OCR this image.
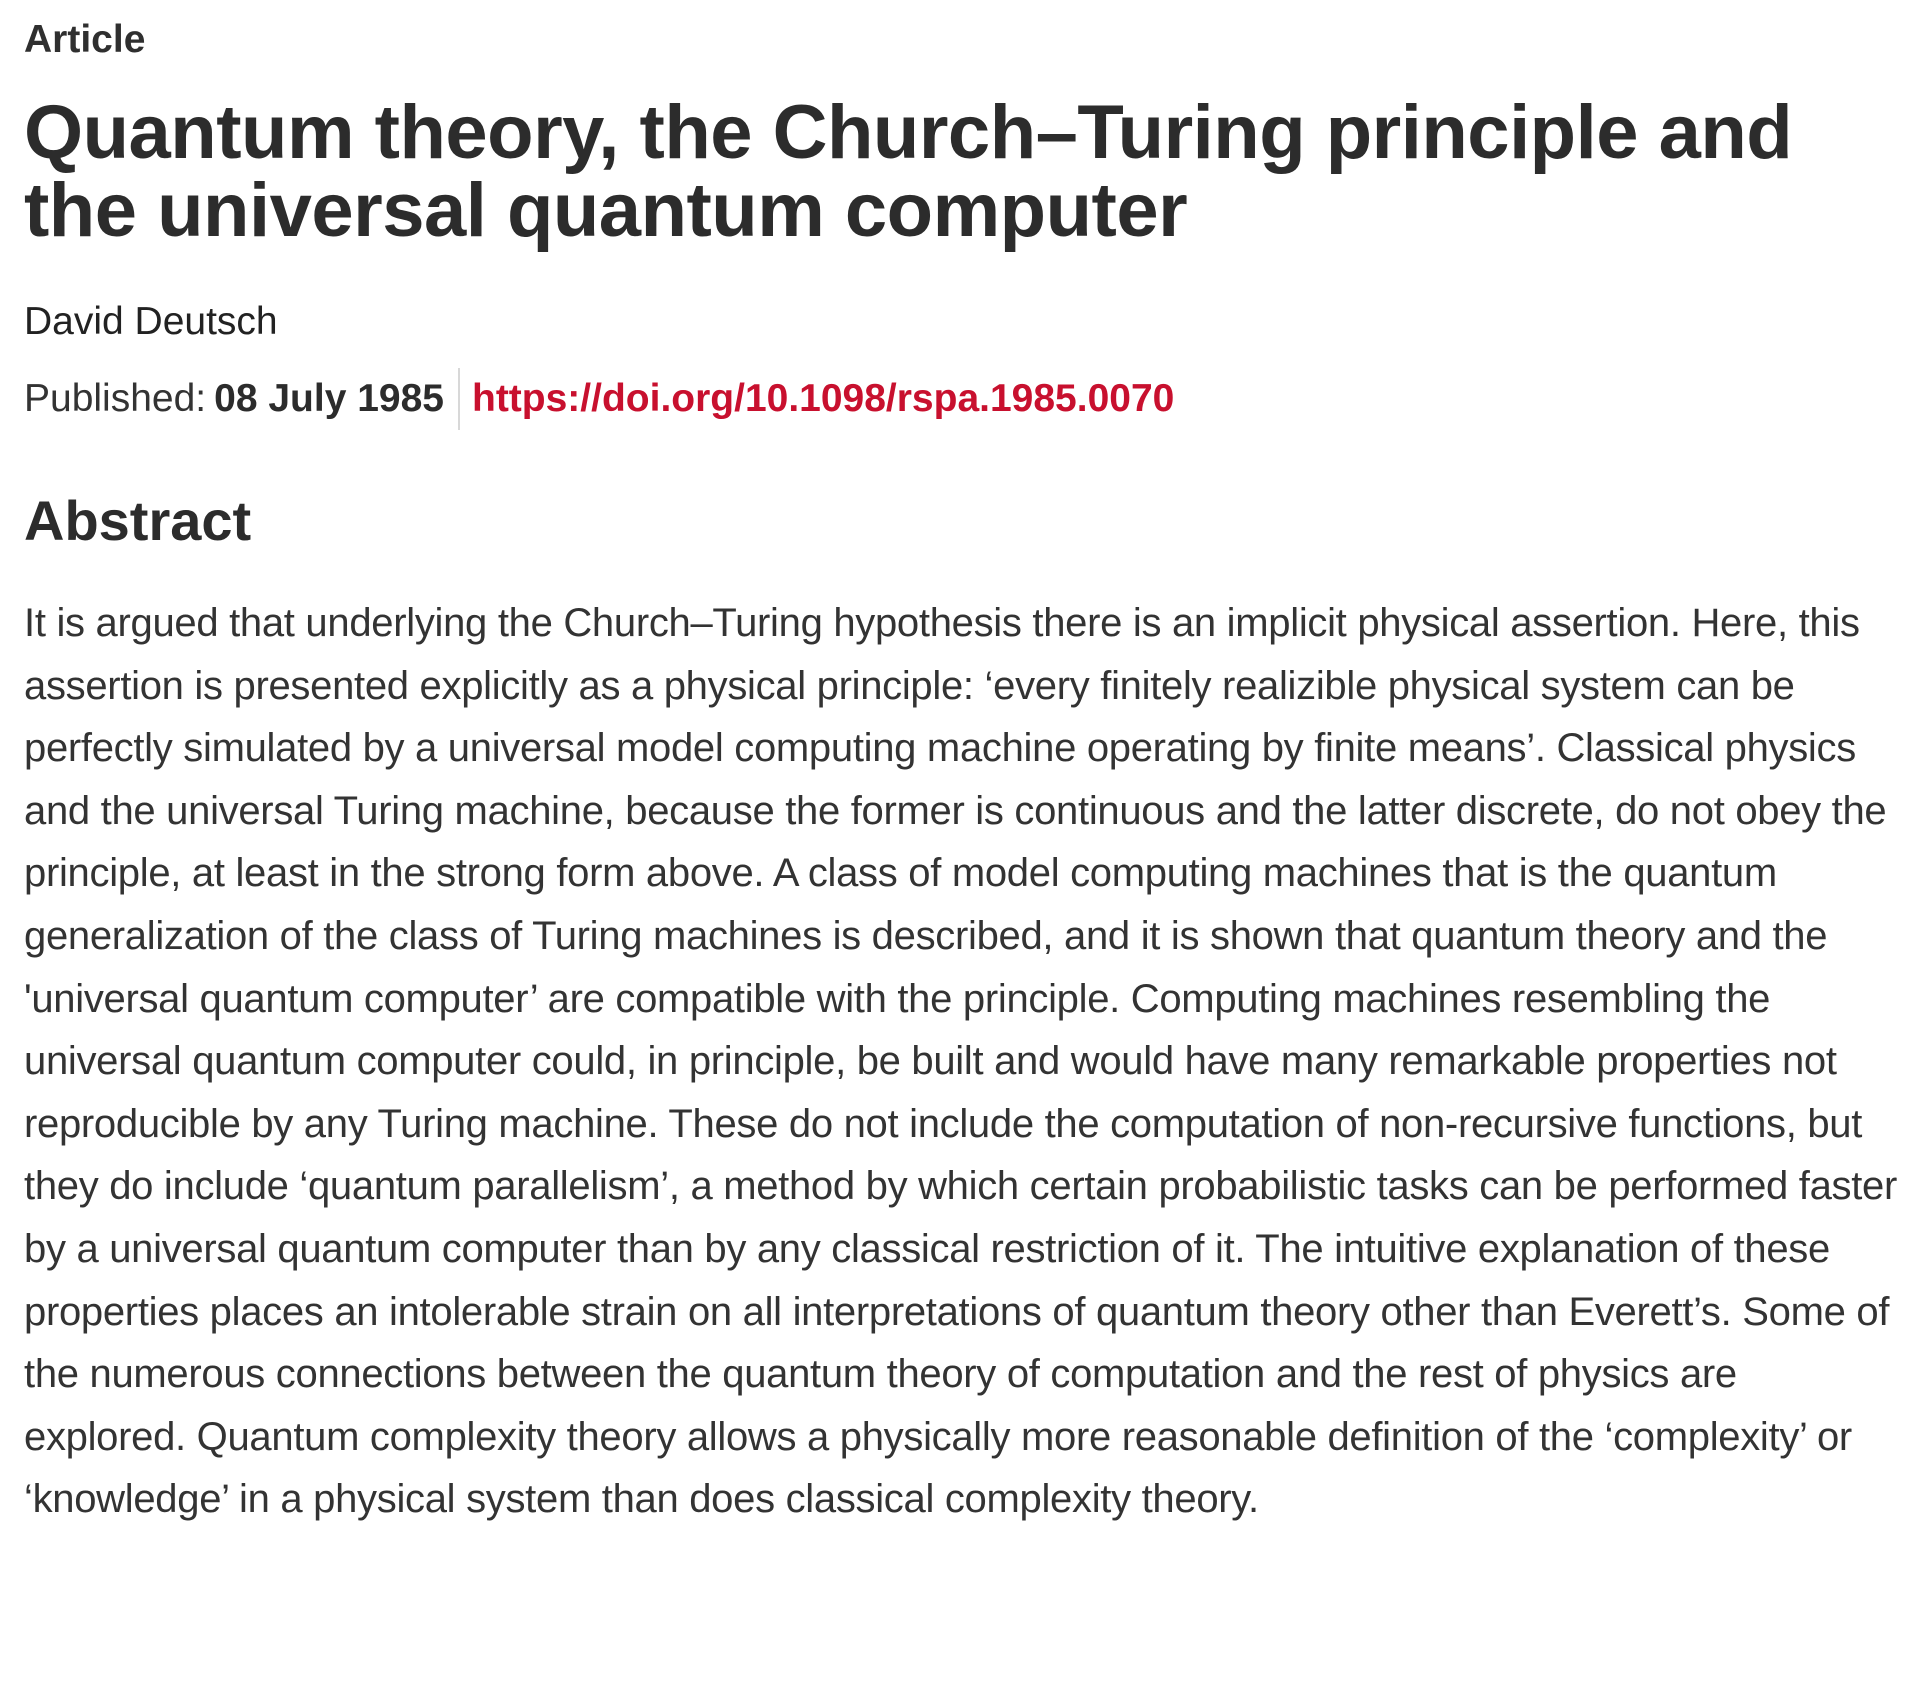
Article
Quantum theory, the Church–Turing principle and the universal quantum computer
David Deutsch
Published: 08 July 1985 https://doi.org/10.1098/rspa.1985.0070
Abstract

It is argued that underlying the Church–Turing hypothesis there is an implicit physical assertion. Here, this assertion is presented explicitly as a physical principle: ‘every finitely realizible physical system can be perfectly simulated by a universal model computing machine operating by finite means’. Classical physics and the universal Turing machine, because the former is continuous and the latter discrete, do not obey the principle, at least in the strong form above. A class of model computing machines that is the quantum generalization of the class of Turing machines is described, and it is shown that quantum theory and the 'universal quantum computer’ are compatible with the principle. Computing machines resembling the universal quantum computer could, in principle, be built and would have many remarkable properties not reproducible by any Turing machine. These do not include the computation of non-recursive functions, but they do include ‘quantum parallelism’, a method by which certain probabilistic tasks can be performed faster by a universal quantum computer than by any classical restriction of it. The intuitive explanation of these properties places an intolerable strain on all interpretations of quantum theory other than Everett’s. Some of the numerous connections between the quantum theory of computation and the rest of physics are explored. Quantum complexity theory allows a physically more reasonable definition of the ‘complexity’ or ‘knowledge’ in a physical system than does classical complexity theory.
